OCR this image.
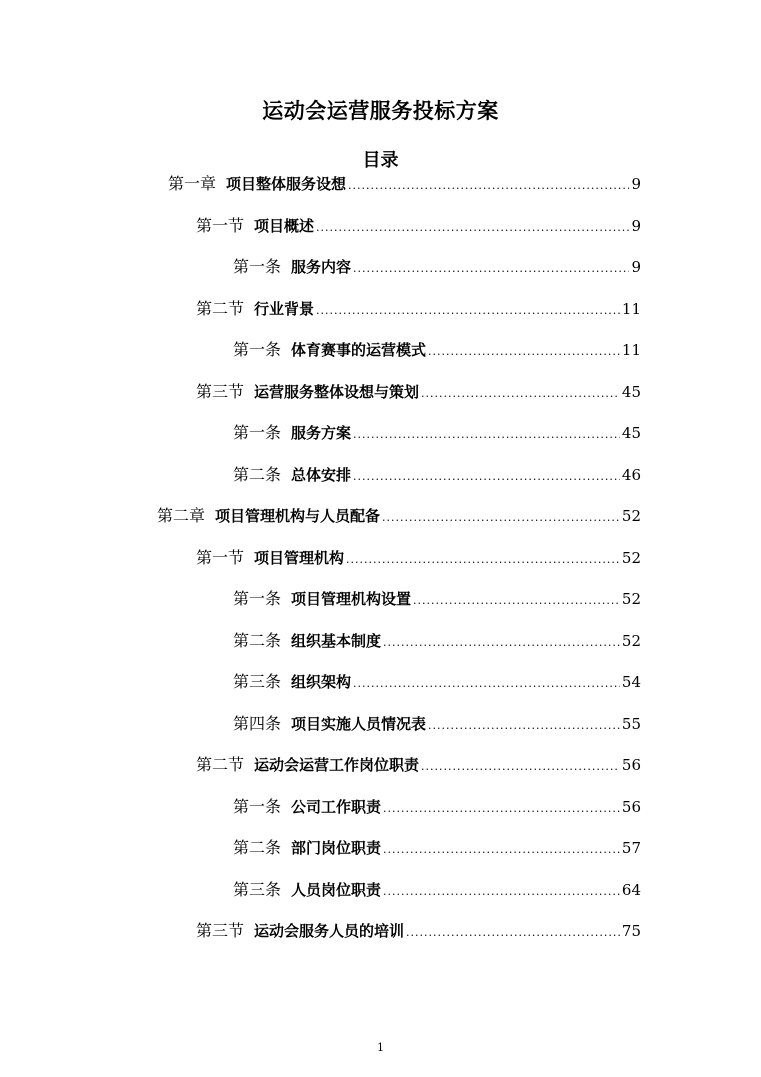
运动会运营服务投标方案
目录
第一章 项目整体服务设想 .....	9
第一节 项目概述 .....	9
第一条 服务内容 .....	9
第二节 行业背景 .....	11
第一条 体育赛事的运营模式 .....	11
第三节 运营服务整体设想与策划 .....	45
第一条 服务方案 .....	45
第二条 总体安排 .....	46
第二章 项目管理机构与人员配备 .....	52
第一节 项目管理机构 .....	52
第一条 项目管理机构设置 .....	52
第二条 组织基本制度 .....	52
第三条 组织架构 .....	54
第四条 项目实施人员情况表 .....	55
第二节 运动会运营工作岗位职责 .....	56
第一条 公司工作职责 .....	56
第二条 部门岗位职责 .....	57
第三条 人员岗位职责 .....	64
第三节 运动会服务人员的培训 .....	75
1
